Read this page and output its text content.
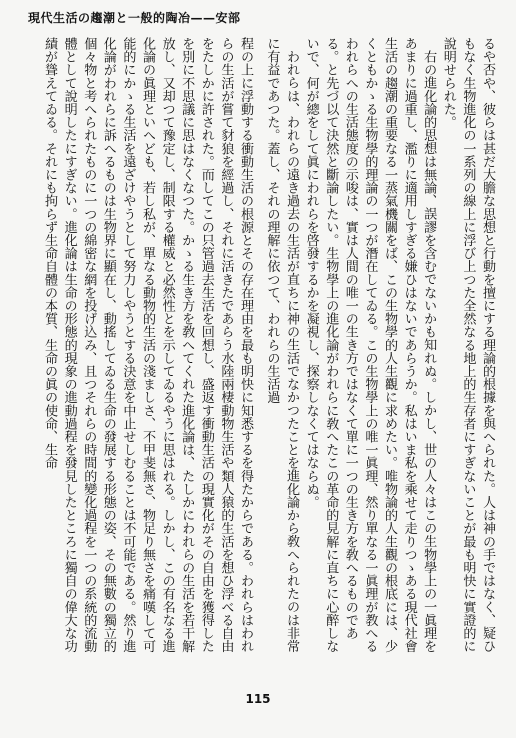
現代生活の趨潮と一般的陶冶——安部

るや否や、彼らは甚だ大膽な思想と行動を擅にする理論的根據を與へられた。人は神の手ではなく、疑ひもなく生物進化の一系列の線上に浮び上つた全然なる地上的生存者にすぎないことが最も明快に實證的に說明せられた。

右の進化論的思想は無論、誤謬を含むでないかも知れぬ。しかし、世の人々はこの生物學上の一眞理をあまりに過重し、濫りに適用しすぎる嫌ひはないであらうか。私はいま私を乘せて走りつゝある現代社會生活の趨潮の重要なる一蒸氣機關をば、この生物學的人生觀に求めたい。唯物論的人生觀の根底には、少くともかゝる生物學的理論の一つが潛在してゐる。この生物學上の唯一眞理、然り單なる一眞理が教へるわれらへの生活態度の示唆は、實は人間の唯一の生き方ではなくて單に一つの生き方を敎へるものである。と先づ以て決然と斷論したい。生物學上の進化論がわれらに敎へたこの革命的見解に直ちに心醉しないで、何が總をして眞にわれらを啓發するかを凝視し、探察しなくてはならぬ。

われらは、われらの遠き過去の生活が直ちに神の生活でなかつたことを進化論から敎へられたのは非常に有益であつた。蓋し、それの理解に依つて、われらの生活過

程の上に浮動する衝動生活の根源とその存在理由を最も明快に知悉するを得たからである。われらはわれらの生活が嘗て豺狼を經過し、それに活きたであらう水陸兩棲動物生活や類人猿的生活を想ひ浮べる自由をたしかに許された。而してこの只管過去生活を回想し、盛返す衝動生活の現實化がその自由を獲得したを別に不思議に思はなくなつた。かゝる生き方を敎へてくれた進化論は、たしかにわれらの生活を若干解放し、又却つて豫定し、制限する權威と必然性とを示してゐるやうに思はれる。しかし、この有名なる進化論の眞理といへども、若し私が、單なる動物的生活の淺ましさ、不甲斐無さ、物足り無さを痛嘆して可能的にかゝる生活を遠ざけやうとして努力しやうとする決意を中止せしむることは不可能である。然り進化論がわれらに訴へるものは生物界に顯在し、動搖してゐる生命の發展する形態の姿、その無數の獨立的個々物と考へられたものに一つの綿密な網を投げ込み、且つそれらの時間的變化過程を一つの系統的流動體として說明したにすぎない。進化論は生命の形態的現象の進動過程を發見したところに獨自の偉大な功績が聳えてゐる。それにも拘らず生命自體の本質、生命の眞の使命、生命

115
